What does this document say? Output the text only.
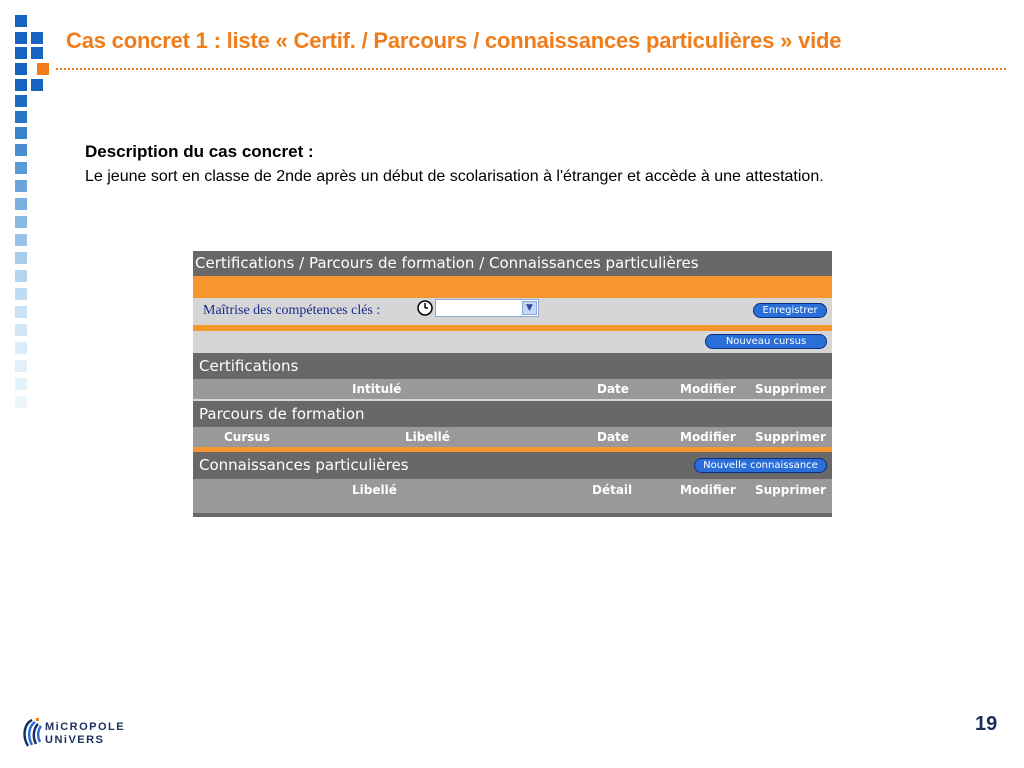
Cas concret 1 : liste « Certif. / Parcours / connaissances particulières » vide
Description du cas concret :
Le jeune sort en classe de 2nde après un début de scolarisation à l'étranger et accède à une attestation.
Certifications / Parcours de formation / Connaissances particulières
Maîtrise des compétences clés :	▼	Enregistrer
Nouveau cursus
Certifications
Intitulé	Date	Modifier Supprimer
Parcours de formation
Cursus	Libellé	Date	Modifier Supprimer
Connaissances particulières	Nouvelle connaissance
Libellé	Détail	Modifier Supprimer
MiCROPOLE
UNiVERS
19
